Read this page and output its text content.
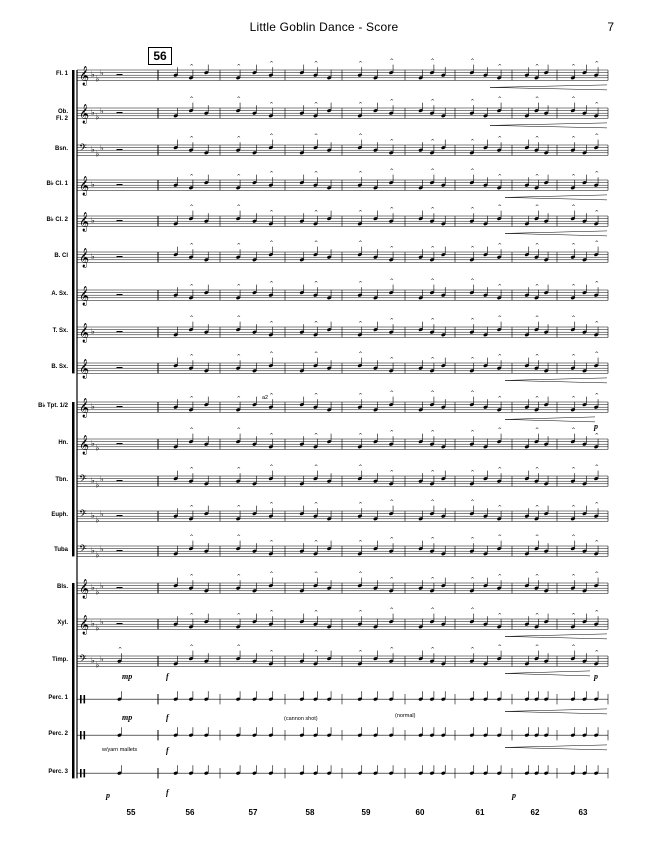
Little Goblin Dance - Score	7
𝄞 ♭ ♭
♭
^	^	^	^	^	^	^	^
^	^	^	^
𝄞 ♭ ♭
♭
^	^
^	^	^	^	^	^	^	^	^
^
𝄢 ♭ ♭
♭
^	^	^	^	^
^	^	^	^	^	^	^
𝄞 ♭
^	^	^	^	^	^	^	^
^	^	^	^
𝄞 ♭
^	^
^	^	^	^	^	^	^	^	^
^
𝄞 ♭
^	^	^	^	^
^	^	^	^	^	^	^
𝄞	^	^	^	^	^	^	^	^
^	^	^	^
𝄞 ♭
^	^
^	^	^	^	^	^	^	^	^
^
𝄞
^	^	^	^	^
^	^	^	^	^	^	^
𝄞 ♭
^	^	^	^	^	^	^	^
^	^	^	^
𝄞 ♭ ♭
^	^
^	^	^	^	^	^	^	^	^
^
𝄢 ♭ ♭
♭
^	^	^	^	^
^	^	^	^	^	^	^
𝄢 ♭ ♭
♭
^	^	^	^	^	^	^	^
^	^	^	^
𝄢 ♭ ♭
♭
^	^
^	^	^	^	^	^	^	^	^
^
𝄞 ♭ ♭
♭
^	^	^	^	^
^	^	^	^	^	^	^
𝄞 ♭ ♭
♭
^	^	^	^	^	^	^	^
^	^	^	^
𝄢 ♭ ♭
♭
^	^	^
^	^	^	^	^	^	^	^	^
^
56
Fl. 1
Ob.
Fl. 2
Bsn.
B♭ Cl. 1
B♭ Cl. 2
B. Cl
A. Sx.
T. Sx.
B. Sx.
B♭ Tpt. 1/2
Hn.
Tbn.
Euph.
Tuba
Bls.
Xyl.
Timp.
Perc. 1
Perc. 2
Perc. 3
55	56	57	58	59	60	61	62	63
a2
(cannon shot)	(normal)
w/yarn mallets
mp
mp
f
f
f
f
p	p
p
p
